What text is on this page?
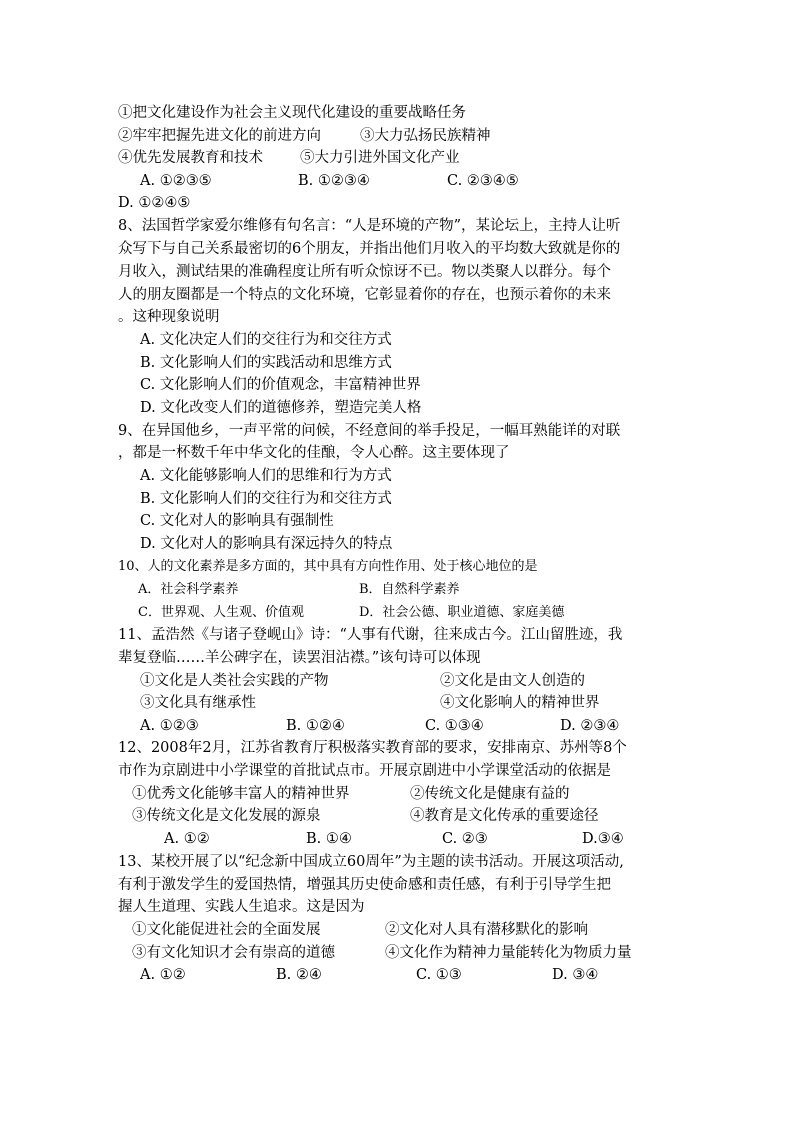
①把文化建设作为社会主义现代化建设的重要战略任务
②牢牢把握先进文化的前进方向	③大力弘扬民族精神
④优先发展教育和技术	⑤大力引进外国文化产业
A. ①②③⑤	B. ①②③④	C. ②③④⑤
D. ①②④⑤
8、法国哲学家爱尔维修有句名言：“人是环境的产物”，某论坛上，主持人让听
众写下与自己关系最密切的6个朋友，并指出他们月收入的平均数大致就是你的
月收入，测试结果的准确程度让所有听众惊讶不已。物以类聚人以群分。每个
人的朋友圈都是一个特点的文化环境，它彰显着你的存在，也预示着你的未来
。这种现象说明
A. 文化决定人们的交往行为和交往方式
B. 文化影响人们的实践活动和思维方式
C. 文化影响人们的价值观念，丰富精神世界
D. 文化改变人们的道德修养，塑造完美人格
9、在异国他乡，一声平常的问候，不经意间的举手投足，一幅耳熟能详的对联
，都是一杯数千年中华文化的佳酿，令人心醉。这主要体现了
A. 文化能够影响人们的思维和行为方式
B. 文化影响人们的交往行为和交往方式
C. 文化对人的影响具有强制性
D. 文化对人的影响具有深远持久的特点
10、人的文化素养是多方面的，其中具有方向性作用、处于核心地位的是
A．社会科学素养	B．自然科学素养
C．世界观、人生观、价值观	D．社会公德、职业道德、家庭美德
11、孟浩然《与诸子登岘山》诗：“人事有代谢，往来成古今。江山留胜迹，我
辈复登临……羊公碑字在，读罢泪沾襟。”该句诗可以体现
①文化是人类社会实践的产物	②文化是由文人创造的
③文化具有继承性	④文化影响人的精神世界
A. ①②③	B. ①②④	C. ①③④	D. ②③④
12、2008年2月，江苏省教育厅积极落实教育部的要求，安排南京、苏州等8个
市作为京剧进中小学课堂的首批试点市。开展京剧进中小学课堂活动的依据是
①优秀文化能够丰富人的精神世界	②传统文化是健康有益的
③传统文化是文化发展的源泉	④教育是文化传承的重要途径
A. ①②	B. ①④	C. ②③	D.③④
13、某校开展了以“纪念新中国成立60周年”为主题的读书活动。开展这项活动,
有利于激发学生的爱国热情，增强其历史使命感和责任感，有利于引导学生把
握人生道理、实践人生追求。这是因为
①文化能促进社会的全面发展	②文化对人具有潜移默化的影响
③有文化知识才会有崇高的道德	④文化作为精神力量能转化为物质力量
A. ①②	B. ②④	C. ①③	D. ③④
